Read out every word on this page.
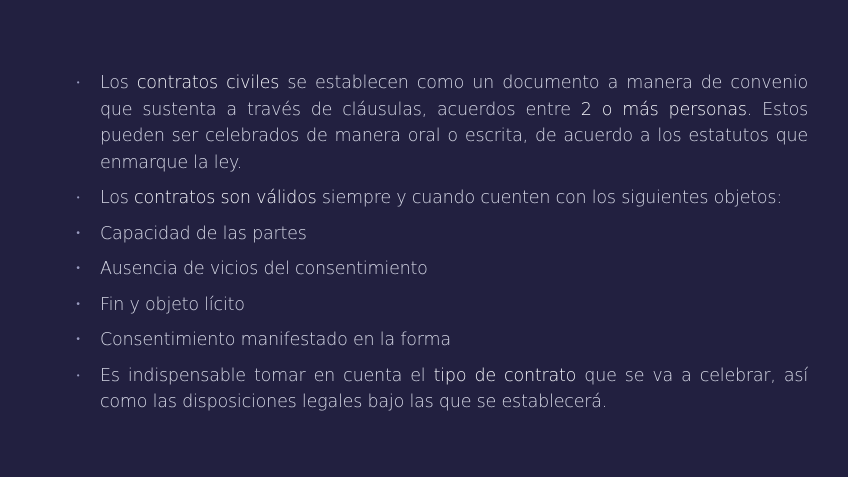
• Los contratos civiles se establecen como un documento a manera de convenio que sustenta a través de cláusulas, acuerdos entre 2 o más personas. Estos pueden ser celebrados de manera oral o escrita, de acuerdo a los estatutos que enmarque la ley.
• Los contratos son válidos siempre y cuando cuenten con los siguientes objetos:
• Capacidad de las partes
• Ausencia de vicios del consentimiento
• Fin y objeto lícito
• Consentimiento manifestado en la forma
• Es indispensable tomar en cuenta el tipo de contrato que se va a celebrar, así como las disposiciones legales bajo las que se establecerá.
